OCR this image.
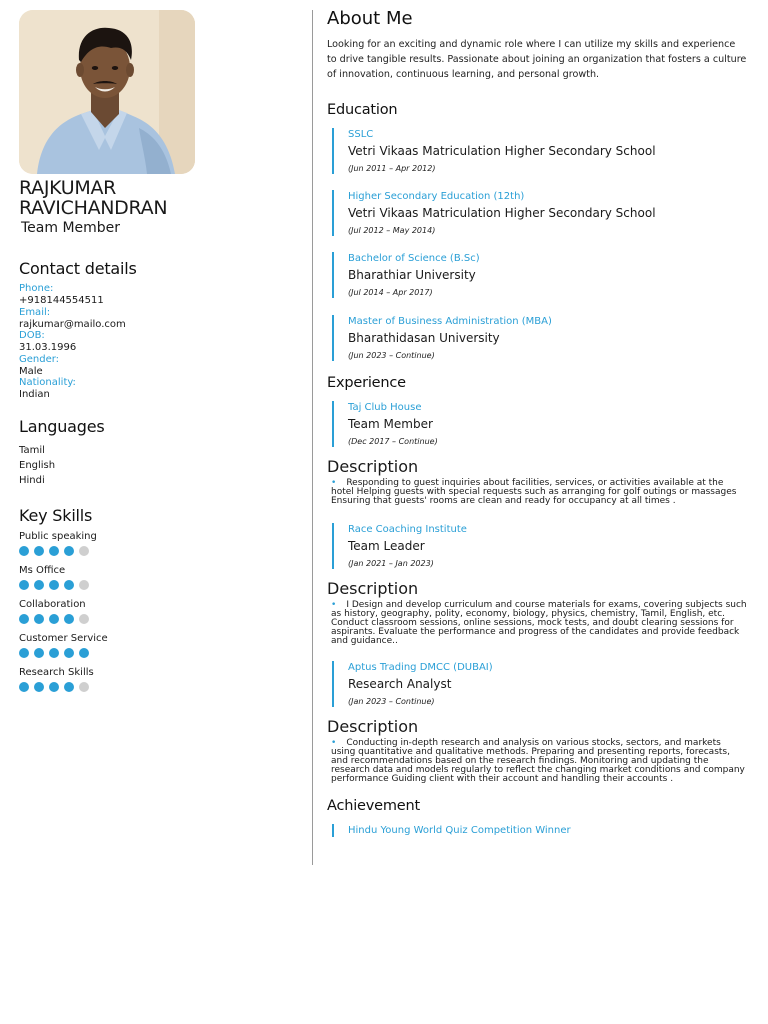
RAJKUMAR
RAVICHANDRAN
Team Member
Contact details
Phone:
+918144554511
Email:
rajkumar@mailo.com
DOB:
31.03.1996
Gender:
Male
Nationality:
Indian
Languages
Tamil
English
Hindi
Key Skills
Public speaking
Ms Office
Collaboration
Customer Service
Research Skills
About Me
Looking for an exciting and dynamic role where I can utilize my skills and experience to drive tangible results. Passionate about joining an organization that fosters a culture of innovation, continuous learning, and personal growth.
Education
SSLC
Vetri Vikaas Matriculation Higher Secondary School
(Jun 2011 – Apr 2012)
Higher Secondary Education (12th)
Vetri Vikaas Matriculation Higher Secondary School
(Jul 2012 – May 2014)
Bachelor of Science (B.Sc)
Bharathiar University
(Jul 2014 – Apr 2017)
Master of Business Administration (MBA)
Bharathidasan University
(Jun 2023 – Continue)
Experience
Taj Club House
Team Member
(Dec 2017 – Continue)
Description
• Responding to guest inquiries about facilities, services, or activities available at the hotel Helping guests with special requests such as arranging for golf outings or massages Ensuring that guests' rooms are clean and ready for occupancy at all times .
Race Coaching Institute
Team Leader
(Jan 2021 – Jan 2023)
Description
• I Design and develop curriculum and course materials for exams, covering subjects such as history, geography, polity, economy, biology, physics, chemistry, Tamil, English, etc. Conduct classroom sessions, online sessions, mock tests, and doubt clearing sessions for aspirants. Evaluate the performance and progress of the candidates and provide feedback and guidance..
Aptus Trading DMCC (DUBAI)
Research Analyst
(Jan 2023 – Continue)
Description
• Conducting in-depth research and analysis on various stocks, sectors, and markets using quantitative and qualitative methods. Preparing and presenting reports, forecasts, and recommendations based on the research findings. Monitoring and updating the research data and models regularly to reflect the changing market conditions and company performance Guiding client with their account and handling their accounts .
Achievement
Hindu Young World Quiz Competition Winner
